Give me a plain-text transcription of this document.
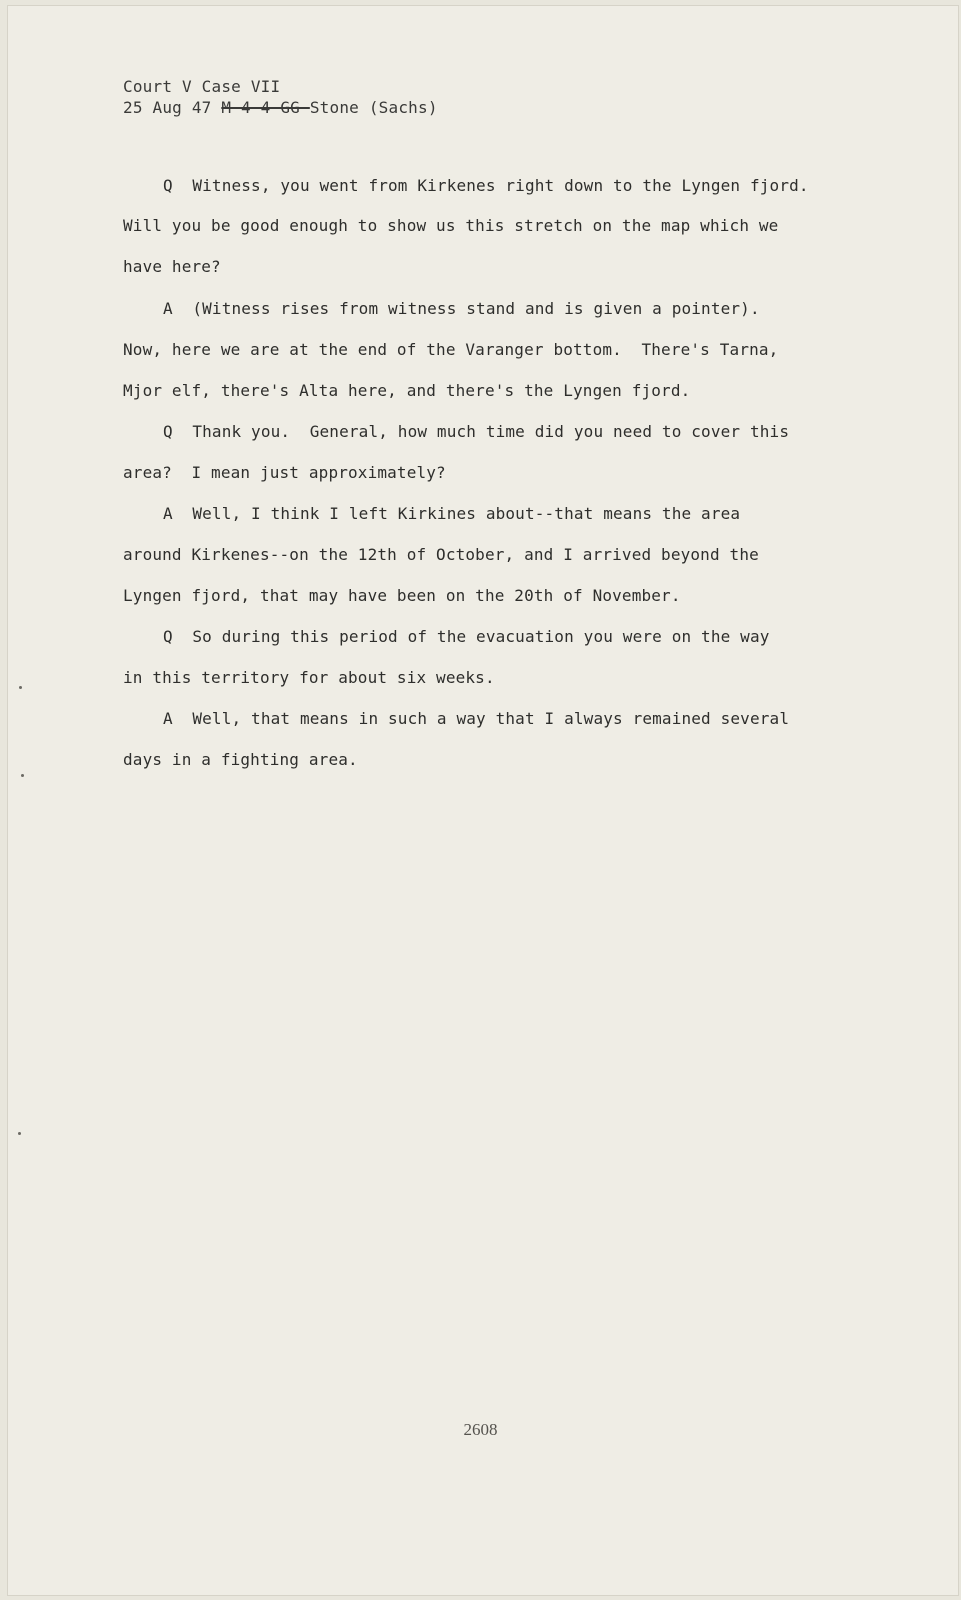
Court V Case VII
25 Aug 47 M-4-4-GG-Stone (Sachs)
Q  Witness, you went from Kirkenes right down to the Lyngen fjord.
Will you be good enough to show us this stretch on the map which we
have here?
A  (Witness rises from witness stand and is given a pointer).
Now, here we are at the end of the Varanger bottom.  There's Tarna,
Mjor elf, there's Alta here, and there's the Lyngen fjord.
Q  Thank you.  General, how much time did you need to cover this
area?  I mean just approximately?
A  Well, I think I left Kirkines about--that means the area
around Kirkenes--on the 12th of October, and I arrived beyond the
Lyngen fjord, that may have been on the 20th of November.
Q  So during this period of the evacuation you were on the way
in this territory for about six weeks.
A  Well, that means in such a way that I always remained several
days in a fighting area.
2608
